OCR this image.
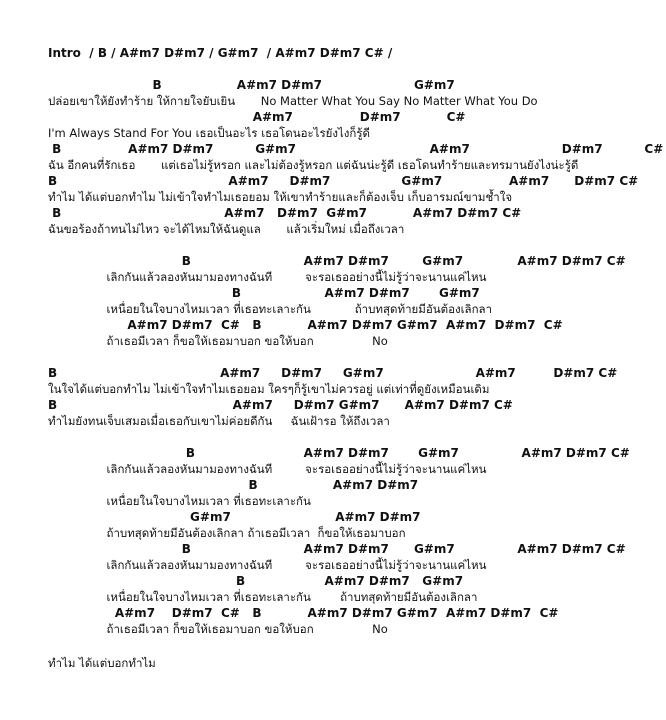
Intro  / B / A#m7 D#m7 / G#m7  / A#m7 D#m7 C# /
B                  A#m7 D#m7                      G#m7
ปล่อยเขาให้ยังทำร้าย ให้กายใจยับเยิน       No Matter What You Say No Matter What You Do
A#m7                D#m7           C#
I'm Always Stand For You เธอเป็นอะไร เธอโดนอะไรยังไงก็รู้ดี
B                A#m7 D#m7          G#m7                                A#m7                      D#m7          C#
ฉัน อีกคนที่รักเธอ       แต่เธอไม่รู้หรอก และไม่ต้องรู้หรอก แต่ฉันน่ะรู้ดี เธอโดนทำร้ายและทรมานยังไงน่ะรู้ดี
B                                         A#m7     D#m7                 G#m7                A#m7      D#m7 C#
ทำไม ได้แต่บอกทำไม ไม่เข้าใจทำไมเธอยอม ให้เขาทำร้ายและก็ต้องเจ็บ เก็บอารมณ์ขามช้ำใจ
B                                       A#m7   D#m7  G#m7           A#m7 D#m7 C#
ฉันขอร้องถ้าทนไม่ไหว จะได้ไหมให้ฉันดูแล       แล้วเริ่มใหม่ เมื่อถึงเวลา

B                           A#m7 D#m7        G#m7             A#m7 D#m7 C#
เลิกกันแล้วลองหันมามองทางฉันที         จะรอเธออย่างนี้ไม่รู้ว่าจะนานแค่ไหน
B                    A#m7 D#m7       G#m7
เหนื่อยในใจบางไหมเวลา ที่เธอทะเลาะกัน            ถ้าบทสุดท้ายมีอันต้องเลิกลา
A#m7 D#m7  C#   B           A#m7 D#m7 G#m7  A#m7  D#m7  C#
ถ้าเธอมีเวลา ก็ขอให้เธอมาบอก ขอให้บอก                No

B                                       A#m7     D#m7     G#m7                      A#m7         D#m7 C#
ในใจได้แต่บอกทำไม ไม่เข้าใจทำไมเธอยอม ใครๆก็รู้เขาไม่ควรอยู่ แต่เท่าที่ดูยังเหมือนเดิม
B                                          A#m7     D#m7 G#m7      A#m7 D#m7 C#
ทำไมยังทนเจ็บเสมอเมื่อเธอกับเขาไม่ค่อยดีกัน     ฉันเฝ้ารอ ให้ถึงเวลา

B                          A#m7 D#m7       G#m7               A#m7 D#m7 C#
เลิกกันแล้วลองหันมามองทางฉันที         จะรอเธออย่างนี้ไม่รู้ว่าจะนานแค่ไหน
B                  A#m7 D#m7
เหนื่อยในใจบางไหมเวลา ที่เธอทะเลาะกัน
G#m7                         A#m7 D#m7
ถ้าบทสุดท้ายมีอันต้องเลิกลา ถ้าเธอมีเวลา  ก็ขอให้เธอมาบอก
B                           A#m7 D#m7      G#m7               A#m7 D#m7 C#
เลิกกันแล้วลองหันมามองทางฉันที         จะรอเธออย่างนี้ไม่รู้ว่าจะนานแค่ไหน
B                   A#m7 D#m7   G#m7
เหนื่อยในใจบางไหมเวลา ที่เธอทะเลาะกัน        ถ้าบทสุดท้ายมีอันต้องเลิกลา
A#m7    D#m7  C#   B           A#m7 D#m7 G#m7  A#m7 D#m7  C#
ถ้าเธอมีเวลา ก็ขอให้เธอมาบอก ขอให้บอก                No

ทำไม ได้แต่บอกทำไม
